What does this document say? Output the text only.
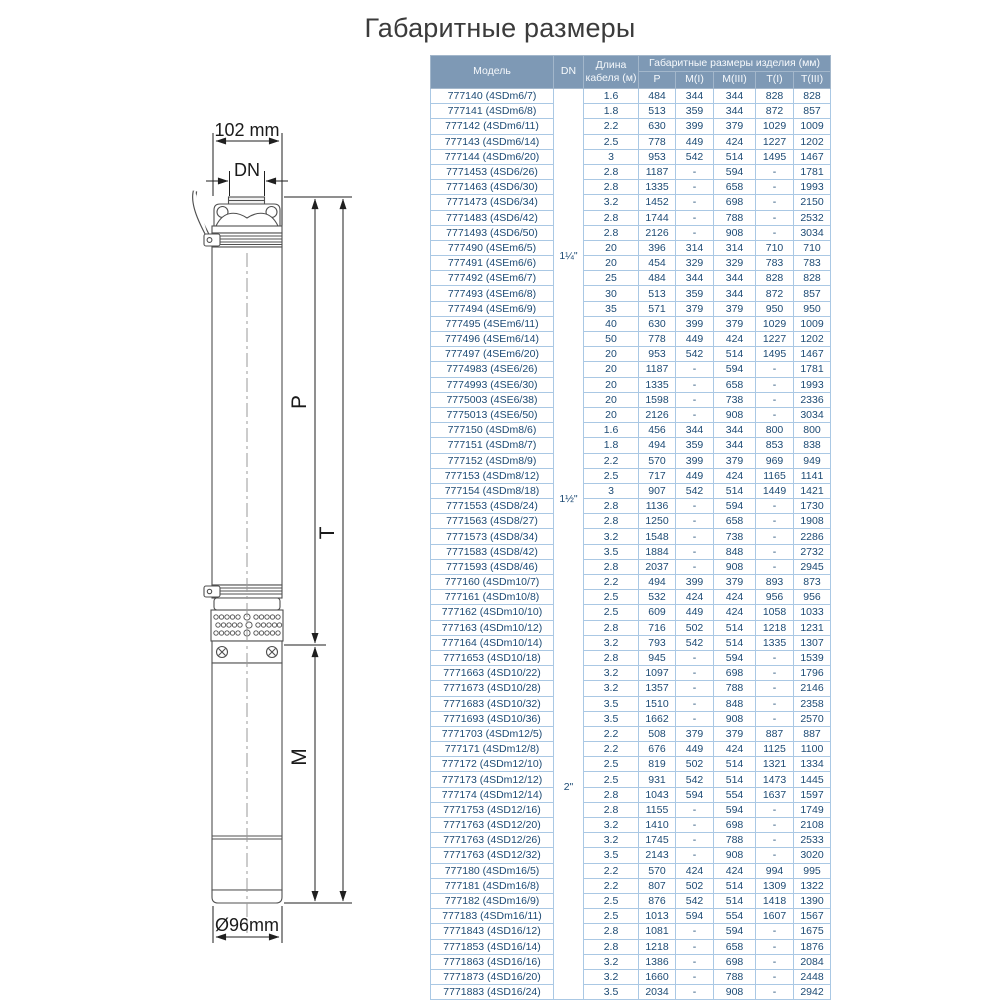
Габаритные размеры
102 mm
DN
P
T
M
Ø96mm
Модель	DN	Длина кабеля (м)	Габаритные размеры изделия (мм)				
			P	M(I)	M(III)	T(I)	T(III)
777140 (4SDm6/7)	1¼"	1.6	484	344	344	828	828
777141 (4SDm6/8)		1.8	513	359	344	872	857
777142 (4SDm6/11)		2.2	630	399	379	1029	1009
777143 (4SDm6/14)		2.5	778	449	424	1227	1202
777144 (4SDm6/20)		3	953	542	514	1495	1467
7771453 (4SD6/26)		2.8	1187	-	594	-	1781
7771463 (4SD6/30)		2.8	1335	-	658	-	1993
7771473 (4SD6/34)		3.2	1452	-	698	-	2150
7771483 (4SD6/42)		2.8	1744	-	788	-	2532
7771493 (4SD6/50)		2.8	2126	-	908	-	3034
777490 (4SEm6/5)		20	396	314	314	710	710
777491 (4SEm6/6)		20	454	329	329	783	783
777492 (4SEm6/7)		25	484	344	344	828	828
777493 (4SEm6/8)		30	513	359	344	872	857
777494 (4SEm6/9)		35	571	379	379	950	950
777495 (4SEm6/11)		40	630	399	379	1029	1009
777496 (4SEm6/14)		50	778	449	424	1227	1202
777497 (4SEm6/20)		20	953	542	514	1495	1467
7774983 (4SE6/26)		20	1187	-	594	-	1781
7774993 (4SE6/30)		20	1335	-	658	-	1993
7775003 (4SE6/38)		20	1598	-	738	-	2336
7775013 (4SE6/50)		20	2126	-	908	-	3034
777150 (4SDm8/6)	1½"	1.6	456	344	344	800	800
777151 (4SDm8/7)		1.8	494	359	344	853	838
777152 (4SDm8/9)		2.2	570	399	379	969	949
777153 (4SDm8/12)		2.5	717	449	424	1165	1141
777154 (4SDm8/18)		3	907	542	514	1449	1421
7771553 (4SD8/24)		2.8	1136	-	594	-	1730
7771563 (4SD8/27)		2.8	1250	-	658	-	1908
7771573 (4SD8/34)		3.2	1548	-	738	-	2286
7771583 (4SD8/42)		3.5	1884	-	848	-	2732
7771593 (4SD8/46)		2.8	2037	-	908	-	2945
777160 (4SDm10/7)	2"	2.2	494	399	379	893	873
777161 (4SDm10/8)		2.5	532	424	424	956	956
777162 (4SDm10/10)		2.5	609	449	424	1058	1033
777163 (4SDm10/12)		2.8	716	502	514	1218	1231
777164 (4SDm10/14)		3.2	793	542	514	1335	1307
7771653 (4SD10/18)		2.8	945	-	594	-	1539
7771663 (4SD10/22)		3.2	1097	-	698	-	1796
7771673 (4SD10/28)		3.2	1357	-	788	-	2146
7771683 (4SD10/32)		3.5	1510	-	848	-	2358
7771693 (4SD10/36)		3.5	1662	-	908	-	2570
7771703 (4SDm12/5)		2.2	508	379	379	887	887
777171 (4SDm12/8)		2.2	676	449	424	1125	1100
777172 (4SDm12/10)		2.5	819	502	514	1321	1334
777173 (4SDm12/12)		2.5	931	542	514	1473	1445
777174 (4SDm12/14)		2.8	1043	594	554	1637	1597
7771753 (4SD12/16)		2.8	1155	-	594	-	1749
7771763 (4SD12/20)		3.2	1410	-	698	-	2108
7771763 (4SD12/26)		3.2	1745	-	788	-	2533
7771763 (4SD12/32)		3.5	2143	-	908	-	3020
777180 (4SDm16/5)		2.2	570	424	424	994	995
777181 (4SDm16/8)		2.2	807	502	514	1309	1322
777182 (4SDm16/9)		2.5	876	542	514	1418	1390
777183 (4SDm16/11)		2.5	1013	594	554	1607	1567
7771843 (4SD16/12)		2.8	1081	-	594	-	1675
7771853 (4SD16/14)		2.8	1218	-	658	-	1876
7771863 (4SD16/16)		3.2	1386	-	698	-	2084
7771873 (4SD16/20)		3.2	1660	-	788	-	2448
7771883 (4SD16/24)		3.5	2034	-	908	-	2942
